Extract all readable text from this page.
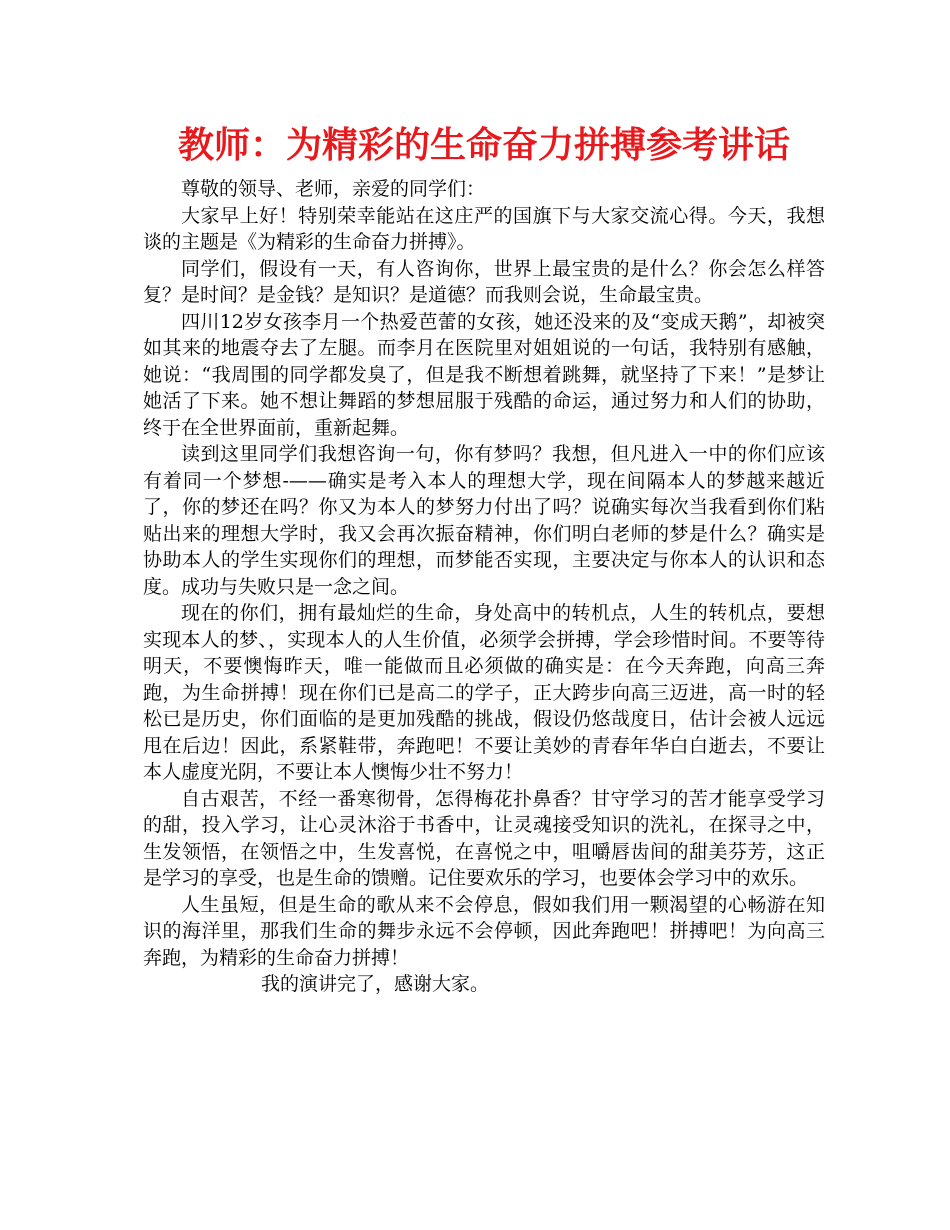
教师：为精彩的生命奋力拼搏参考讲话

尊敬的领导、老师，亲爱的同学们：

大家早上好！特别荣幸能站在这庄严的国旗下与大家交流心得。今天，我想谈的主题是《为精彩的生命奋力拼搏》。

同学们，假设有一天，有人咨询你，世界上最宝贵的是什么？你会怎么样答复？是时间？是金钱？是知识？是道德？而我则会说，生命最宝贵。

四川12岁女孩李月一个热爱芭蕾的女孩，她还没来的及“变成天鹅”，却被突如其来的地震夺去了左腿。而李月在医院里对姐姐说的一句话，我特别有感触，她说：“我周围的同学都发臭了，但是我不断想着跳舞，就坚持了下来！”是梦让她活了下来。她不想让舞蹈的梦想屈服于残酷的命运，通过努力和人们的协助，终于在全世界面前，重新起舞。

读到这里同学们我想咨询一句，你有梦吗？我想，但凡进入一中的你们应该有着同一个梦想-——确实是考入本人的理想大学，现在间隔本人的梦越来越近了，你的梦还在吗？你又为本人的梦努力付出了吗？说确实每次当我看到你们粘贴出来的理想大学时，我又会再次振奋精神，你们明白老师的梦是什么？确实是协助本人的学生实现你们的理想，而梦能否实现，主要决定与你本人的认识和态度。成功与失败只是一念之间。

现在的你们，拥有最灿烂的生命，身处高中的转机点，人生的转机点，要想实现本人的梦、，实现本人的人生价值，必须学会拼搏，学会珍惜时间。不要等待明天，不要懊悔昨天，唯一能做而且必须做的确实是：在今天奔跑，向高三奔跑，为生命拼搏！现在你们已是高二的学子，正大跨步向高三迈进，高一时的轻松已是历史，你们面临的是更加残酷的挑战，假设仍悠哉度日，估计会被人远远甩在后边！因此，系紧鞋带，奔跑吧！不要让美妙的青春年华白白逝去，不要让本人虚度光阴，不要让本人懊悔少壮不努力！

自古艰苦，不经一番寒彻骨，怎得梅花扑鼻香？甘守学习的苦才能享受学习的甜，投入学习，让心灵沐浴于书香中，让灵魂接受知识的洗礼，在探寻之中，生发领悟，在领悟之中，生发喜悦，在喜悦之中，咀嚼唇齿间的甜美芬芳，这正是学习的享受，也是生命的馈赠。记住要欢乐的学习，也要体会学习中的欢乐。

人生虽短，但是生命的歌从来不会停息，假如我们用一颗渴望的心畅游在知识的海洋里，那我们生命的舞步永远不会停顿，因此奔跑吧！拼搏吧！为向高三奔跑，为精彩的生命奋力拼搏！

我的演讲完了，感谢大家。
